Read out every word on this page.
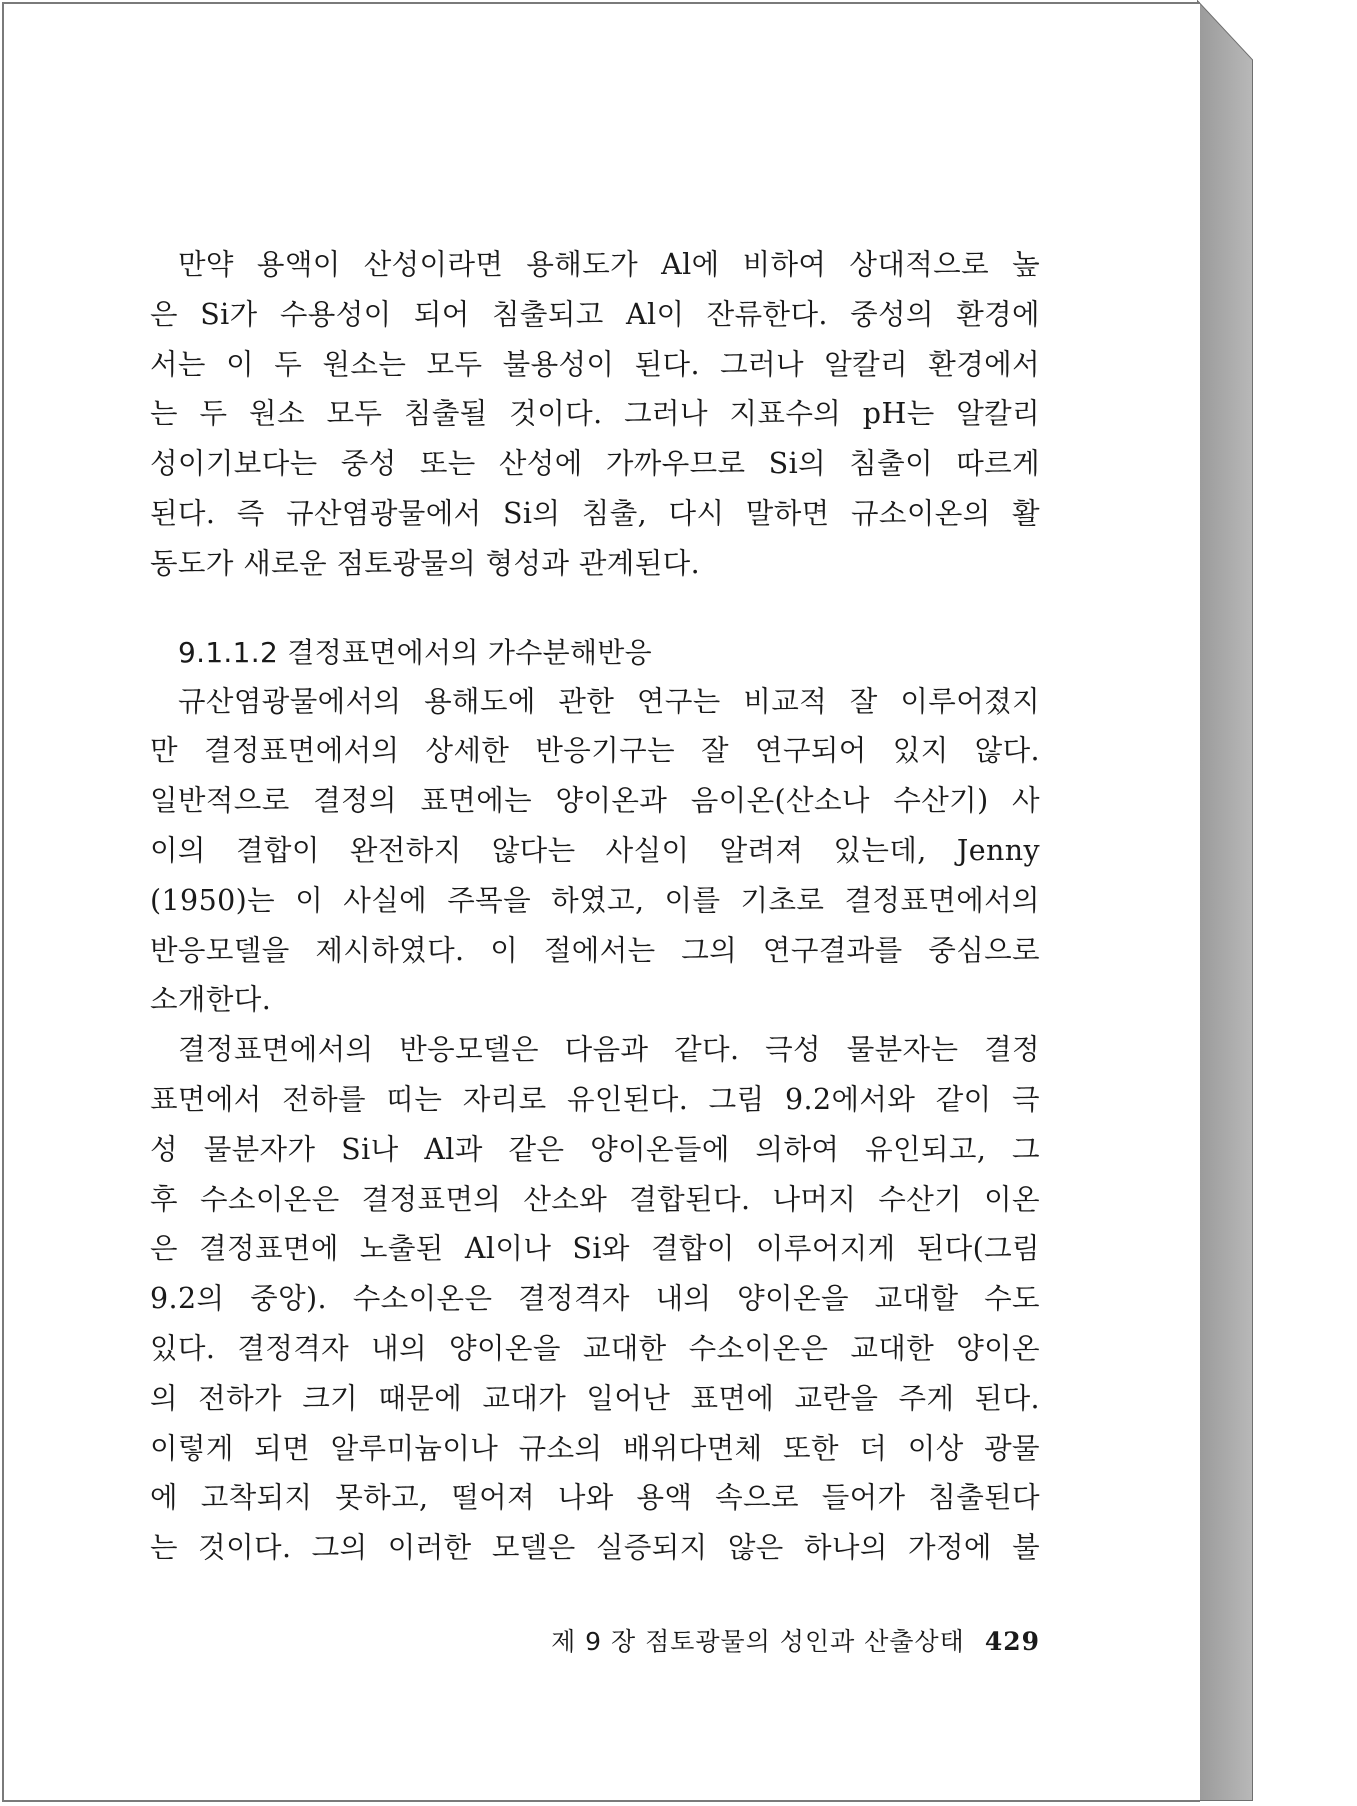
만약 용액이 산성이라면 용해도가 Al에 비하여 상대적으로 높
은 Si가 수용성이 되어 침출되고 Al이 잔류한다. 중성의 환경에
서는 이 두 원소는 모두 불용성이 된다. 그러나 알칼리 환경에서
는 두 원소 모두 침출될 것이다. 그러나 지표수의 pH는 알칼리
성이기보다는 중성 또는 산성에 가까우므로 Si의 침출이 따르게
된다. 즉 규산염광물에서 Si의 침출, 다시 말하면 규소이온의 활
동도가 새로운 점토광물의 형성과 관계된다.
9.1.1.2 결정표면에서의 가수분해반응
규산염광물에서의 용해도에 관한 연구는 비교적 잘 이루어졌지
만 결정표면에서의 상세한 반응기구는 잘 연구되어 있지 않다.
일반적으로 결정의 표면에는 양이온과 음이온(산소나 수산기) 사
이의 결합이 완전하지 않다는 사실이 알려져 있는데, Jenny
(1950)는 이 사실에 주목을 하였고, 이를 기초로 결정표면에서의
반응모델을 제시하였다. 이 절에서는 그의 연구결과를 중심으로
소개한다.
결정표면에서의 반응모델은 다음과 같다. 극성 물분자는 결정
표면에서 전하를 띠는 자리로 유인된다. 그림 9.2에서와 같이 극
성 물분자가 Si나 Al과 같은 양이온들에 의하여 유인되고, 그
후 수소이온은 결정표면의 산소와 결합된다. 나머지 수산기 이온
은 결정표면에 노출된 Al이나 Si와 결합이 이루어지게 된다(그림
9.2의 중앙). 수소이온은 결정격자 내의 양이온을 교대할 수도
있다. 결정격자 내의 양이온을 교대한 수소이온은 교대한 양이온
의 전하가 크기 때문에 교대가 일어난 표면에 교란을 주게 된다.
이렇게 되면 알루미늄이나 규소의 배위다면체 또한 더 이상 광물
에 고착되지 못하고, 떨어져 나와 용액 속으로 들어가 침출된다
는 것이다. 그의 이러한 모델은 실증되지 않은 하나의 가정에 불
제 9 장 점토광물의 성인과 산출상태 429
